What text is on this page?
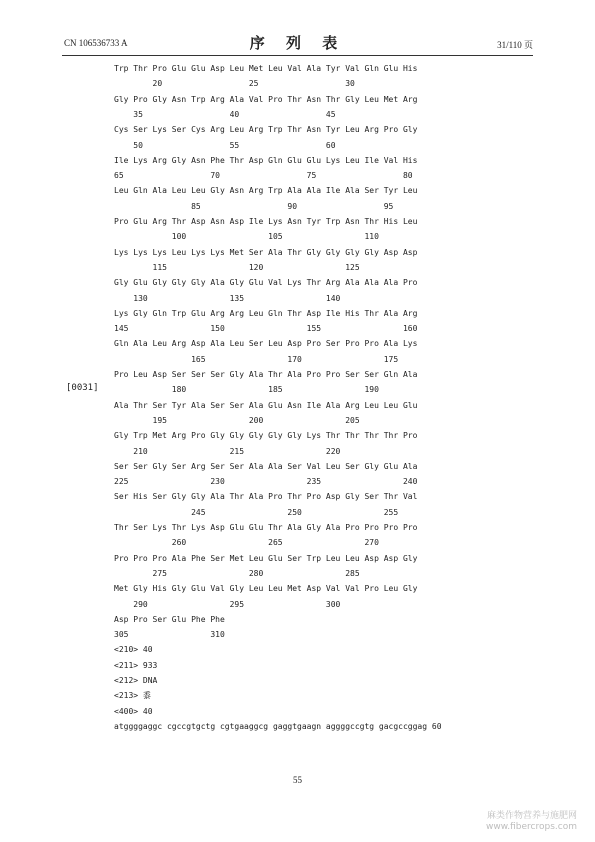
CN 106536733 A	序 列 表	31/110 页
[0031]
Trp Thr Pro Glu Glu Asp Leu Met Leu Val Ala Tyr Val Gln Glu His
20                  25                  30
Gly Pro Gly Asn Trp Arg Ala Val Pro Thr Asn Thr Gly Leu Met Arg
35                  40                  45
Cys Ser Lys Ser Cys Arg Leu Arg Trp Thr Asn Tyr Leu Arg Pro Gly
50                  55                  60
Ile Lys Arg Gly Asn Phe Thr Asp Gln Glu Glu Lys Leu Ile Val His
65                  70                  75                  80
Leu Gln Ala Leu Leu Gly Asn Arg Trp Ala Ala Ile Ala Ser Tyr Leu
85                  90                  95
Pro Glu Arg Thr Asp Asn Asp Ile Lys Asn Tyr Trp Asn Thr His Leu
100                 105                 110
Lys Lys Lys Leu Lys Lys Met Ser Ala Thr Gly Gly Gly Gly Asp Asp
115                 120                 125
Gly Glu Gly Gly Gly Ala Gly Glu Val Lys Thr Arg Ala Ala Ala Pro
130                 135                 140
Lys Gly Gln Trp Glu Arg Arg Leu Gln Thr Asp Ile His Thr Ala Arg
145                 150                 155                 160
Gln Ala Leu Arg Asp Ala Leu Ser Leu Asp Pro Ser Pro Pro Ala Lys
165                 170                 175
Pro Leu Asp Ser Ser Ser Gly Ala Thr Ala Pro Pro Ser Ser Gln Ala
180                 185                 190
Ala Thr Ser Tyr Ala Ser Ser Ala Glu Asn Ile Ala Arg Leu Leu Glu
195                 200                 205
Gly Trp Met Arg Pro Gly Gly Gly Gly Gly Lys Thr Thr Thr Thr Pro
210                 215                 220
Ser Ser Gly Ser Arg Ser Ser Ala Ala Ser Val Leu Ser Gly Glu Ala
225                 230                 235                 240
Ser His Ser Gly Gly Ala Thr Ala Pro Thr Pro Asp Gly Ser Thr Val
245                 250                 255
Thr Ser Lys Thr Lys Asp Glu Glu Thr Ala Gly Ala Pro Pro Pro Pro
260                 265                 270
Pro Pro Pro Ala Phe Ser Met Leu Glu Ser Trp Leu Leu Asp Asp Gly
275                 280                 285
Met Gly His Gly Glu Val Gly Leu Leu Met Asp Val Val Pro Leu Gly
290                 295                 300
Asp Pro Ser Glu Phe Phe
305                 310
<210> 40
<211> 933
<212> DNA
<213> 黍
<400> 40
atggggaggc cgccgtgctg cgtgaaggcg gaggtgaagn aggggccgtg gacgccggag 60
55
麻类作物营养与施肥网
www.fibercrops.com
